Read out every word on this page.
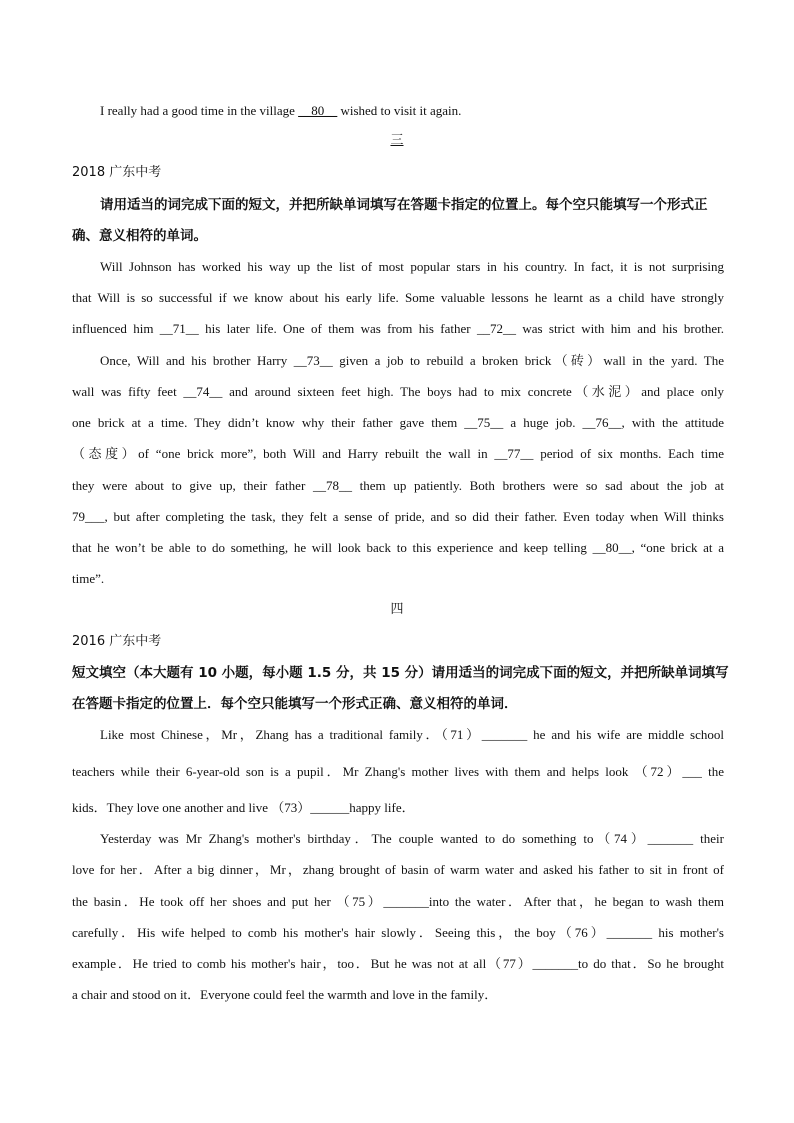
I really had a good time in the village __80__ wished to visit it again.
三
2018 广东中考
请用适当的词完成下面的短文，并把所缺单词填写在答题卡指定的位置上。每个空只能填写一个形式正
确、意义相符的单词。
Will Johnson has worked his way up the list of most popular stars in his country. In fact, it is not surprising
that Will is so successful if we know about his early life. Some valuable lessons he learnt as a child have strongly
influenced him __71__ his later life. One of them was from his father __72__ was strict with him and his brother.
Once, Will and his brother Harry __73__ given a job to rebuild a broken brick（砖）wall in the yard. The
wall was fifty feet __74__ and around sixteen feet high. The boys had to mix concrete（水泥）and place only
one brick at a time. They didn’t know why their father gave them __75__ a huge job. __76__, with the attitude
（态度）of “one brick more”, both Will and Harry rebuilt the wall in __77__ period of six months. Each time
they were about to give up, their father __78__ them up patiently. Both brothers were so sad about the job at
79___, but after completing the task, they felt a sense of pride, and so did their father. Even today when Will thinks
that he won’t be able to do something, he will look back to this experience and keep telling __80__, “one brick at a
time”.
四
2016 广东中考
短文填空（本大题有 10 小题，每小题 1.5 分，共 15 分）请用适当的词完成下面的短文，并把所缺单词填写
在答题卡指定的位置上．每个空只能填写一个形式正确、意义相符的单词．
Like most Chinese，Mr，Zhang has a traditional family．（71）_______ he and his wife are middle school
teachers while their 6-year-old son is a pupil．Mr Zhang's mother lives with them and helps look （72）___ the
kids．They love one another and live （73）______happy life．
Yesterday was Mr Zhang's mother's birthday．The couple wanted to do something to（74）_______ their
love for her．After a big dinner，Mr，zhang brought of basin of warm water and asked his father to sit in front of
the basin．He took off her shoes and put her （75）_______into the water．After that，he began to wash them
carefully．His wife helped to comb his mother's hair slowly．Seeing this，the boy（76）_______ his mother's
example．He tried to comb his mother's hair，too．But he was not at all（77）_______to do that．So he brought
a chair and stood on it．Everyone could feel the warmth and love in the family．
